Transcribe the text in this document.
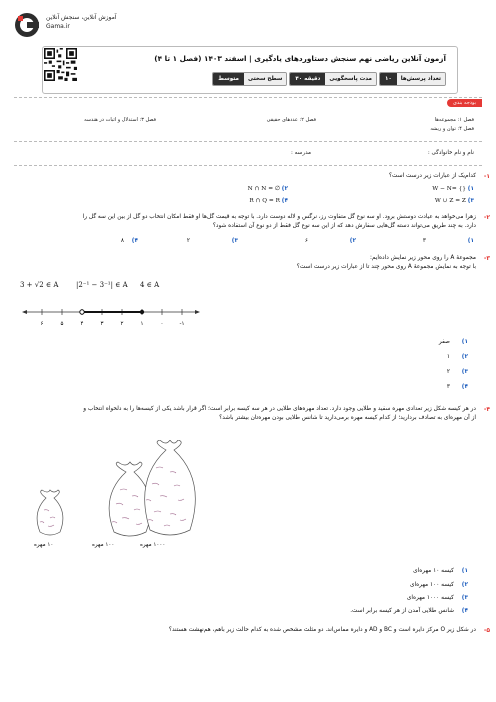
آموزش آنلاین، سنجش آنلاین
Gama.ir
آزمون آنلاین ریاضی نهم سنجش دستاوردهای یادگیری | اسفند ۱۴۰۳ (فصل ۱ تا ۴)
تعداد پرسش‌ها
۱۰
مدت پاسخگویی
۴۰ دقیقه
سطح سختی
متوسط
بودجه بندی
فصل ۱: مجموعه‌ها
فصل ۴: توان و ریشه
فصل ۲: عددهای حقیقی
فصل ۳: استدلال و اثبات در هندسه
نام و نام خانوادگی :
مدرسه :
۱-
کدام‌یک از عبارات زیر درست است؟
۱) W − N= {}
۲) N ∩ N = ∅
۳) W ∪ Z = Z
۴) R ∩ Q = R
۲-
زهرا می‌خواهد به عیادت دوستش برود. او سه نوع گل متفاوت رز، نرگس و لاله دوست دارد. با توجه به قیمت گل‌ها او فقط امکان انتخاب دو گل از بین این سه گل را
دارد. به چند طریق می‌تواند دسته گل‌هایی سفارش دهد که از این سه نوع گل فقط از دو نوع آن استفاده شود؟
۱) ۳
۲) ۶
۳) ۲
۴) ۸
۳-
مجموعهٔ A را روی محور زیر نمایش داده‌ایم:
با توجه به نمایش مجموعهٔ A روی محور چند تا از عبارات زیر درست است؟
4 ∈ A
|2⁻¹ − 3⁻¹| ∈ A
3 + √2 ∈ A
-۱
۰
۱
۲
۳
۴
۵
۶
۱) صفر
۲) ۱
۳) ۲
۴) ۳
۴-
در هر کیسه شکل زیر تعدادی مهره سفید و طلایی وجود دارد. تعداد مهره‌های طلایی در هر سه کیسه برابر است؛ اگر قرار باشد یکی از کیسه‌ها را به دلخواه انتخاب و
از آن مهره‌ای به تصادف بردارید؛ از کدام کیسه مهره برمی‌دارید تا شانس طلایی بودن مهره‌تان بیشتر باشد؟
۱۰ مهره	۱۰۰ مهره	۱۰۰۰ مهره
۱) کیسه ۱۰ مهره‌ای
۲) کیسه ۱۰۰ مهره‌ای
۳) کیسه ۱۰۰۰ مهره‌ای
۴) شانس طلایی آمدن از هر کیسه برابر است.
۵-
در شکل زیر O مرکز دایره است و BC و AD و دایره مماس‌اند. دو مثلث مشخص شده به کدام حالت زیر باهم، هم‌نهشت هستند؟
